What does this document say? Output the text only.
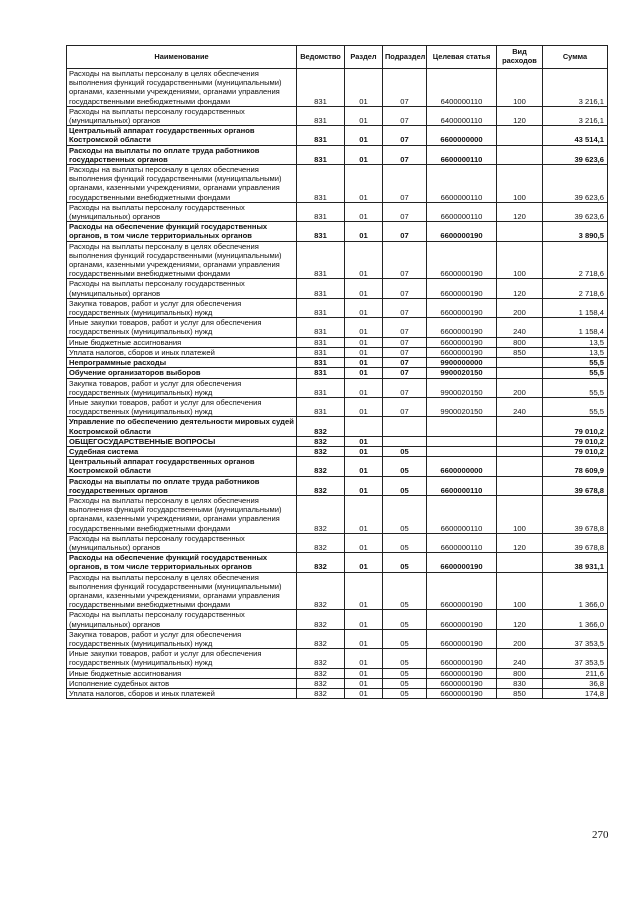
Наименование	Ведомство	Раздел	Подраздел	Целевая статья	Вид расходов	Сумма
Расходы на выплаты персоналу в целях обеспечения выполнения функций государственными (муниципальными) органами, казенными учреждениями, органами управления государственными внебюджетными фондами	831	01	07	6400000110	100	3 216,1
Расходы на выплаты персоналу государственных (муниципальных) органов	831	01	07	6400000110	120	3 216,1
Центральный аппарат государственных органов Костромской области	831	01	07	6600000000		43 514,1
Расходы на выплаты по оплате труда работников государственных органов	831	01	07	6600000110		39 623,6
Расходы на выплаты персоналу в целях обеспечения выполнения функций государственными (муниципальными) органами, казенными учреждениями, органами управления государственными внебюджетными фондами	831	01	07	6600000110	100	39 623,6
Расходы на выплаты персоналу государственных (муниципальных) органов	831	01	07	6600000110	120	39 623,6
Расходы на обеспечение функций государственных органов, в том числе территориальных органов	831	01	07	6600000190		3 890,5
Расходы на выплаты персоналу в целях обеспечения выполнения функций государственными (муниципальными) органами, казенными учреждениями, органами управления государственными внебюджетными фондами	831	01	07	6600000190	100	2 718,6
Расходы на выплаты персоналу государственных (муниципальных) органов	831	01	07	6600000190	120	2 718,6
Закупка товаров, работ и услуг для обеспечения государственных (муниципальных) нужд	831	01	07	6600000190	200	1 158,4
Иные закупки товаров, работ и услуг для обеспечения государственных (муниципальных) нужд	831	01	07	6600000190	240	1 158,4
Иные бюджетные ассигнования	831	01	07	6600000190	800	13,5
Уплата налогов, сборов и иных платежей	831	01	07	6600000190	850	13,5
Непрограммные расходы	831	01	07	9900000000		55,5
Обучение организаторов выборов	831	01	07	9900020150		55,5
Закупка товаров, работ и услуг для обеспечения государственных (муниципальных) нужд	831	01	07	9900020150	200	55,5
Иные закупки товаров, работ и услуг для обеспечения государственных (муниципальных) нужд	831	01	07	9900020150	240	55,5
Управление по обеспечению деятельности мировых судей Костромской области	832					79 010,2
ОБЩЕГОСУДАРСТВЕННЫЕ ВОПРОСЫ	832	01				79 010,2
Судебная система	832	01	05			79 010,2
Центральный аппарат государственных органов Костромской области	832	01	05	6600000000		78 609,9
Расходы на выплаты по оплате труда работников государственных органов	832	01	05	6600000110		39 678,8
Расходы на выплаты персоналу в целях обеспечения выполнения функций государственными (муниципальными) органами, казенными учреждениями, органами управления государственными внебюджетными фондами	832	01	05	6600000110	100	39 678,8
Расходы на выплаты персоналу государственных (муниципальных) органов	832	01	05	6600000110	120	39 678,8
Расходы на обеспечение функций государственных органов, в том числе территориальных органов	832	01	05	6600000190		38 931,1
Расходы на выплаты персоналу в целях обеспечения выполнения функций государственными (муниципальными) органами, казенными учреждениями, органами управления государственными внебюджетными фондами	832	01	05	6600000190	100	1 366,0
Расходы на выплаты персоналу государственных (муниципальных) органов	832	01	05	6600000190	120	1 366,0
Закупка товаров, работ и услуг для обеспечения государственных (муниципальных) нужд	832	01	05	6600000190	200	37 353,5
Иные закупки товаров, работ и услуг для обеспечения государственных (муниципальных) нужд	832	01	05	6600000190	240	37 353,5
Иные бюджетные ассигнования	832	01	05	6600000190	800	211,6
Исполнение судебных актов	832	01	05	6600000190	830	36,8
Уплата налогов, сборов и иных платежей	832	01	05	6600000190	850	174,8
270
